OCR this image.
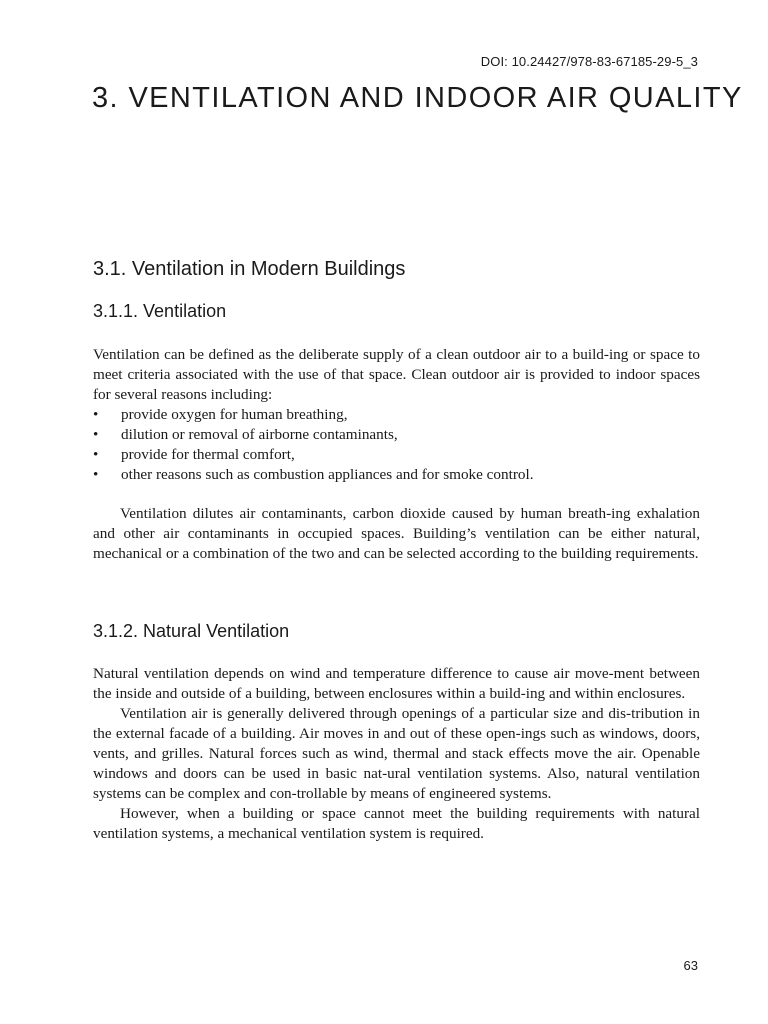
DOI: 10.24427/978-83-67185-29-5_3
3. VENTILATION AND INDOOR AIR QUALITY
3.1. Ventilation in Modern Buildings
3.1.1. Ventilation

Ventilation can be defined as the deliberate supply of a clean outdoor air to a build-ing or space to meet criteria associated with the use of that space. Clean outdoor air is provided to indoor spaces for several reasons including:

• provide oxygen for human breathing,
• dilution or removal of airborne contaminants,
• provide for thermal comfort,
• other reasons such as combustion appliances and for smoke control.

Ventilation dilutes air contaminants, carbon dioxide caused by human breath-ing exhalation and other air contaminants in occupied spaces. Building’s ventilation can be either natural, mechanical or a combination of the two and can be selected according to the building requirements.

3.1.2. Natural Ventilation

Natural ventilation depends on wind and temperature difference to cause air move-ment between the inside and outside of a building, between enclosures within a build-ing and within enclosures.

Ventilation air is generally delivered through openings of a particular size and dis-tribution in the external facade of a building. Air moves in and out of these open-ings such as windows, doors, vents, and grilles. Natural forces such as wind, thermal and stack effects move the air. Openable windows and doors can be used in basic nat-ural ventilation systems. Also, natural ventilation systems can be complex and con-trollable by means of engineered systems.

However, when a building or space cannot meet the building requirements with natural ventilation systems, a mechanical ventilation system is required.

63
